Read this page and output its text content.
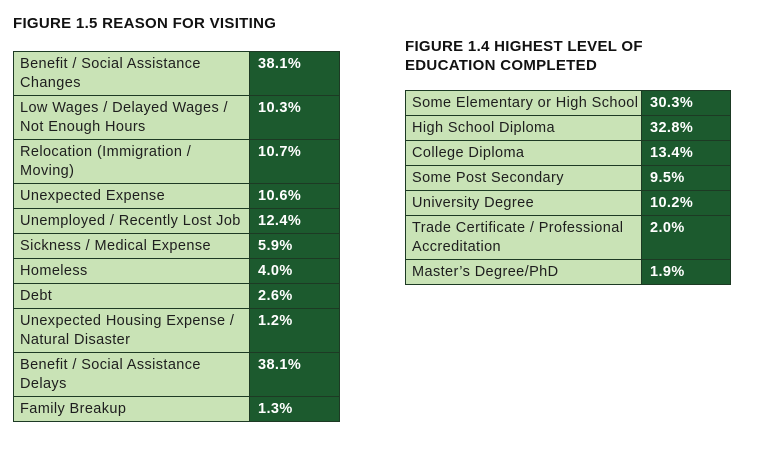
FIGURE 1.5 REASON FOR VISITING
Benefit / Social Assistance Changes	38.1%
Low Wages / Delayed Wages / Not Enough Hours	10.3%
Relocation (Immigration / Moving)	10.7%
Unexpected Expense	10.6%
Unemployed / Recently Lost Job	12.4%
Sickness / Medical Expense	5.9%
Homeless	4.0%
Debt	2.6%
Unexpected Housing Expense / Natural Disaster	1.2%
Benefit / Social Assistance Delays	38.1%
Family Breakup	1.3%
FIGURE 1.4 HIGHEST LEVEL OF EDUCATION COMPLETED
Some Elementary or High School	30.3%
High School Diploma	32.8%
College Diploma	13.4%
Some Post Secondary	9.5%
University Degree	10.2%
Trade Certificate / Professional Accreditation	2.0%
Master’s Degree/PhD	1.9%
